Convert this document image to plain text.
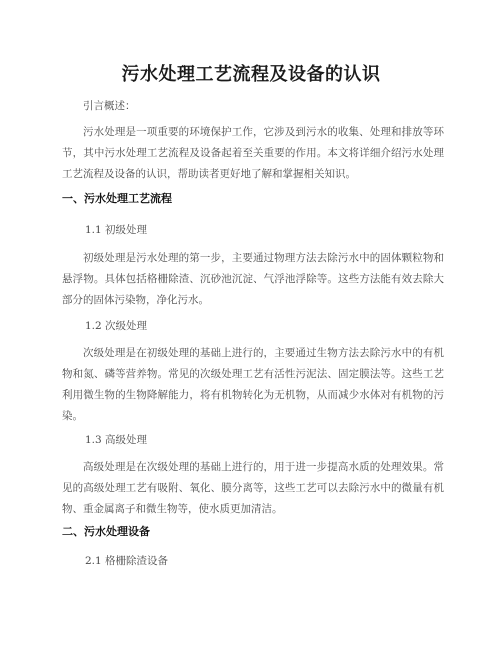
污水处理工艺流程及设备的认识
引言概述：

污水处理是一项重要的环境保护工作，它涉及到污水的收集、处理和排放等环节，其中污水处理工艺流程及设备起着至关重要的作用。本文将详细介绍污水处理工艺流程及设备的认识，帮助读者更好地了解和掌握相关知识。

一、污水处理工艺流程
1.1 初级处理

初级处理是污水处理的第一步，主要通过物理方法去除污水中的固体颗粒物和悬浮物。具体包括格栅除渣、沉砂池沉淀、气浮池浮除等。这些方法能有效去除大部分的固体污染物，净化污水。

1.2 次级处理

次级处理是在初级处理的基础上进行的，主要通过生物方法去除污水中的有机物和氮、磷等营养物。常见的次级处理工艺有活性污泥法、固定膜法等。这些工艺利用微生物的生物降解能力，将有机物转化为无机物，从而减少水体对有机物的污染。

1.3 高级处理

高级处理是在次级处理的基础上进行的，用于进一步提高水质的处理效果。常见的高级处理工艺有吸附、氧化、膜分离等，这些工艺可以去除污水中的微量有机物、重金属离子和微生物等，使水质更加清洁。

二、污水处理设备
2.1 格栅除渣设备
